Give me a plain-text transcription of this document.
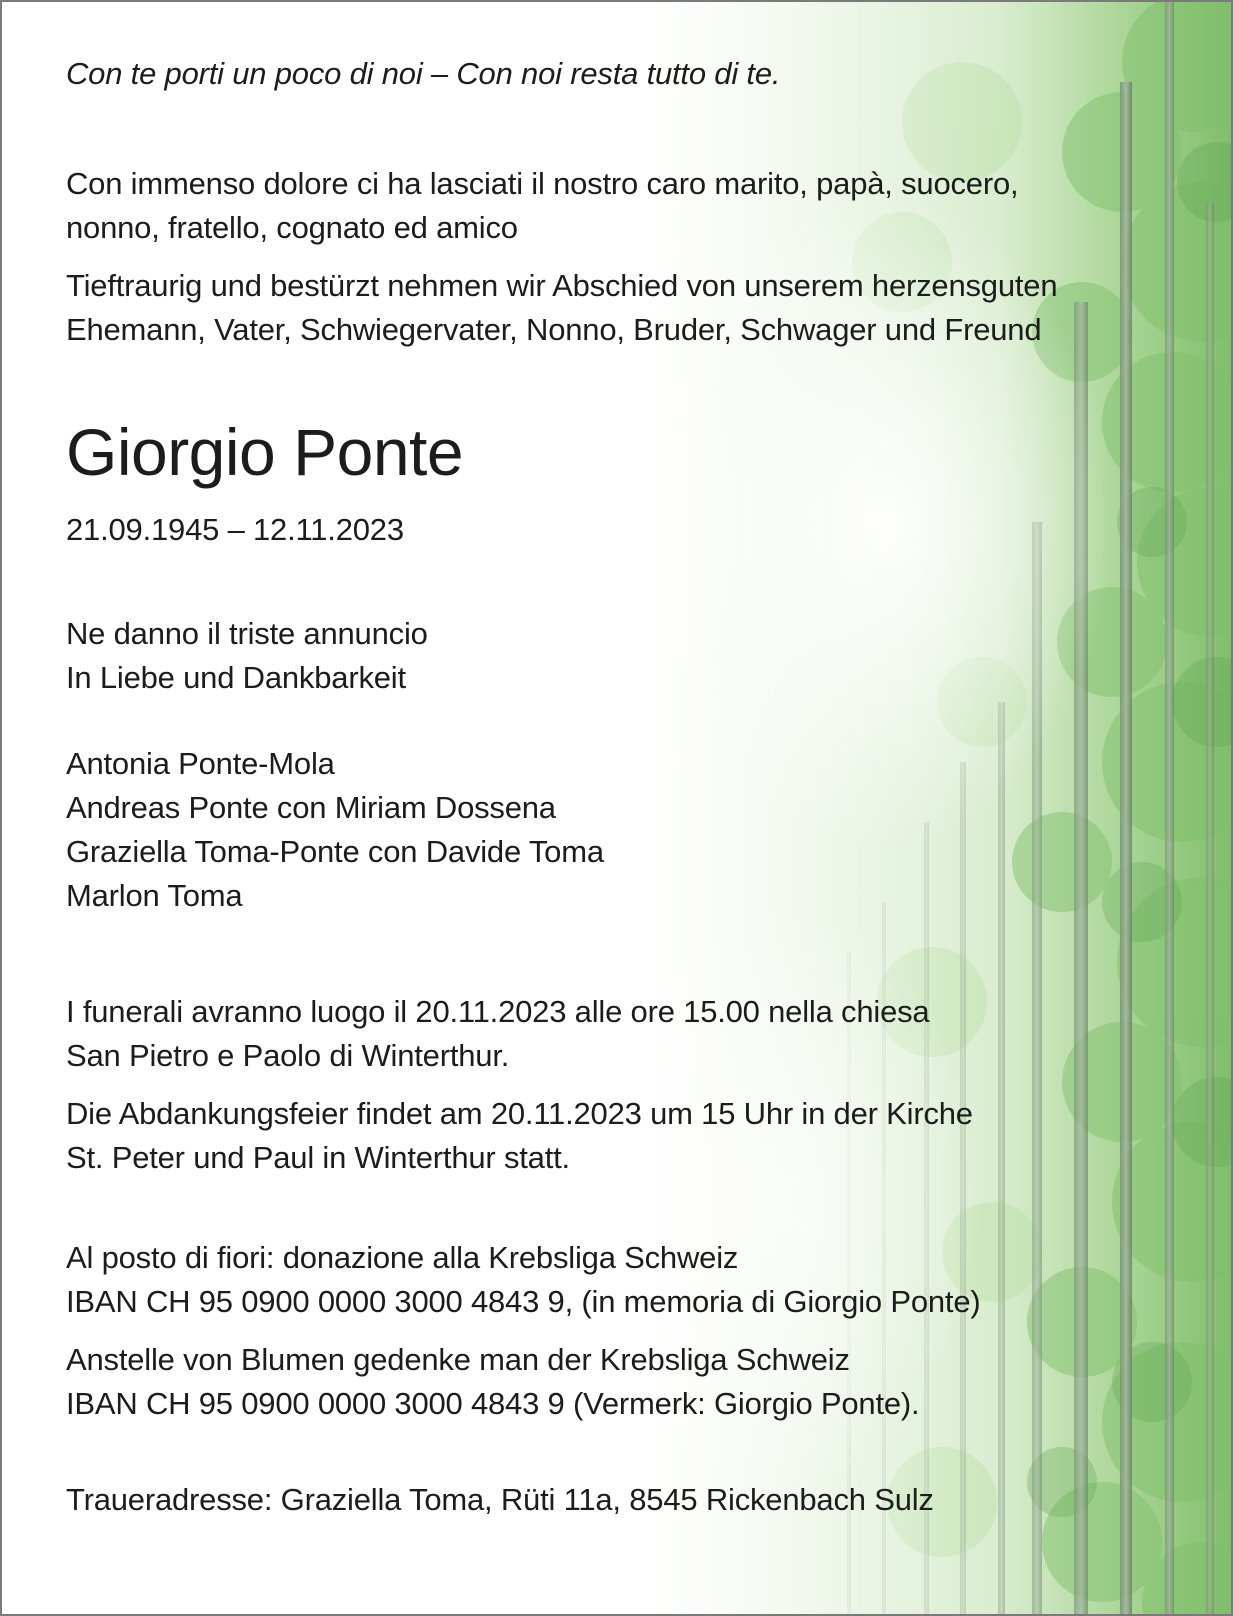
Con te porti un poco di noi – Con noi resta tutto di te.
Con immenso dolore ci ha lasciati il nostro caro marito, papà, suocero,
nonno, fratello, cognato ed amico
Tieftraurig und bestürzt nehmen wir Abschied von unserem herzensguten
Ehemann, Vater, Schwiegervater, Nonno, Bruder, Schwager und Freund
Giorgio Ponte
21.09.1945 – 12.11.2023
Ne danno il triste annuncio
In Liebe und Dankbarkeit
Antonia Ponte-Mola
Andreas Ponte con Miriam Dossena
Graziella Toma-Ponte con Davide Toma
Marlon Toma
I funerali avranno luogo il 20.11.2023 alle ore 15.00 nella chiesa
San Pietro e Paolo di Winterthur.
Die Abdankungsfeier findet am 20.11.2023 um 15 Uhr in der Kirche
St. Peter und Paul in Winterthur statt.
Al posto di fiori: donazione alla Krebsliga Schweiz
IBAN CH 95 0900 0000 3000 4843 9, (in memoria di Giorgio Ponte)
Anstelle von Blumen gedenke man der Krebsliga Schweiz
IBAN CH 95 0900 0000 3000 4843 9 (Vermerk: Giorgio Ponte).
Traueradresse: Graziella Toma, Rüti 11a, 8545 Rickenbach Sulz
